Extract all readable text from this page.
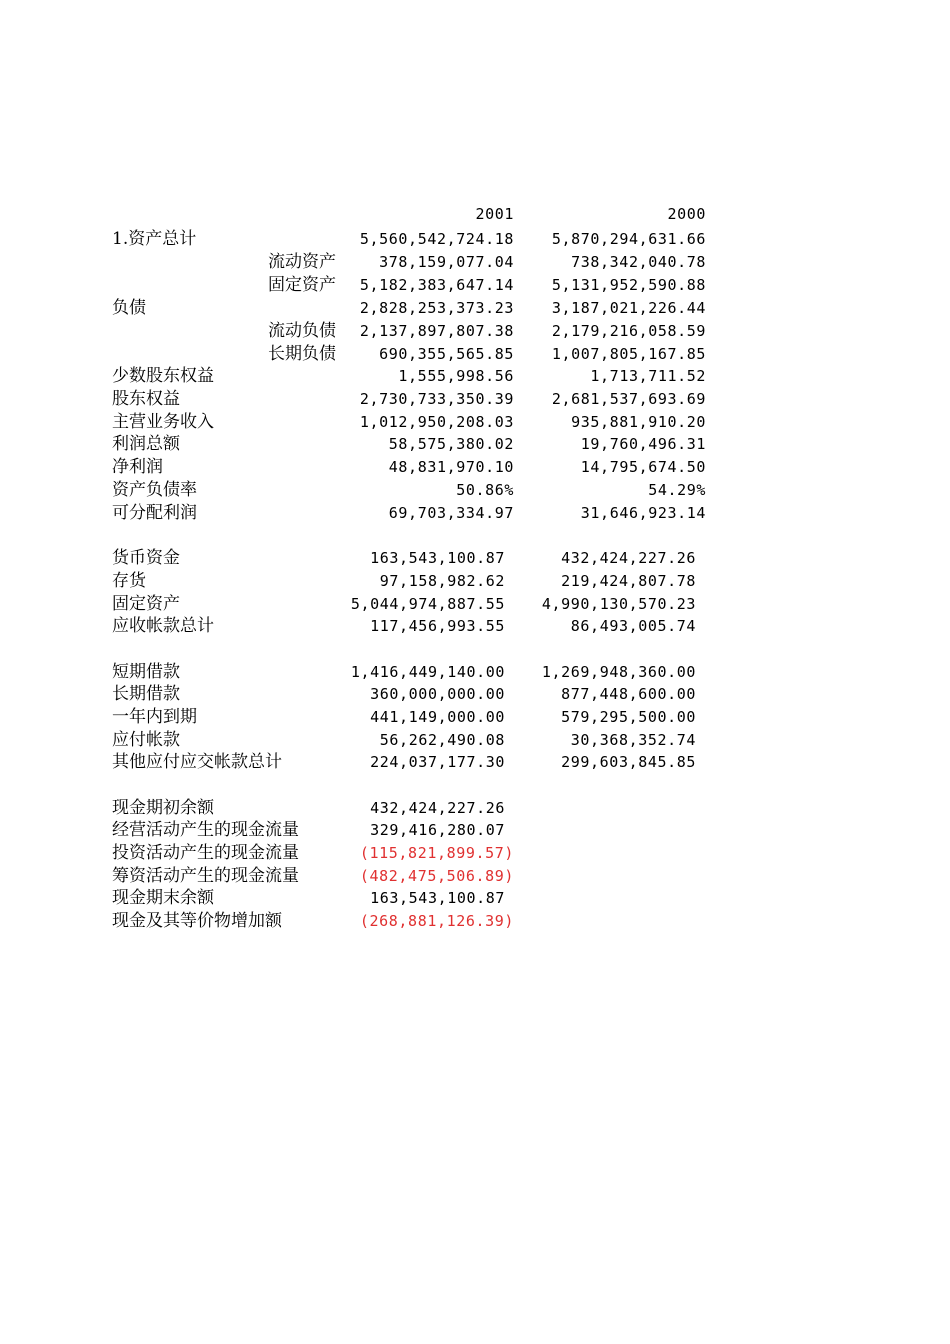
2001	2000
1.资产总计	5,560,542,724.18	5,870,294,631.66
流动资产	378,159,077.04	738,342,040.78
固定资产 5,182,383,647.14	5,131,952,590.88
负债	2,828,253,373.23	3,187,021,226.44
流动负债 2,137,897,807.38	2,179,216,058.59
长期负债	690,355,565.85	1,007,805,167.85
少数股东权益	1,555,998.56	1,713,711.52
股东权益	2,730,733,350.39	2,681,537,693.69
主营业务收入	1,012,950,208.03	935,881,910.20
利润总额	58,575,380.02	19,760,496.31
净利润	48,831,970.10	14,795,674.50
资产负债率	50.86%	54.29%
可分配利润	69,703,334.97	31,646,923.14
货币资金	163,543,100.87	432,424,227.26
存货	97,158,982.62	219,424,807.78
固定资产	5,044,974,887.55 4,990,130,570.23
应收帐款总计	117,456,993.55	86,493,005.74
短期借款	1,416,449,140.00 1,269,948,360.00
长期借款	360,000,000.00	877,448,600.00
一年内到期	441,149,000.00	579,295,500.00
应付帐款	56,262,490.08	30,368,352.74
其他应付应交帐款总计	224,037,177.30	299,603,845.85
现金期初余额	432,424,227.26
经营活动产生的现金流量	329,416,280.07
投资活动产生的现金流量	(115,821,899.57)
筹资活动产生的现金流量	(482,475,506.89)
现金期末余额	163,543,100.87
现金及其等价物增加额	(268,881,126.39)
